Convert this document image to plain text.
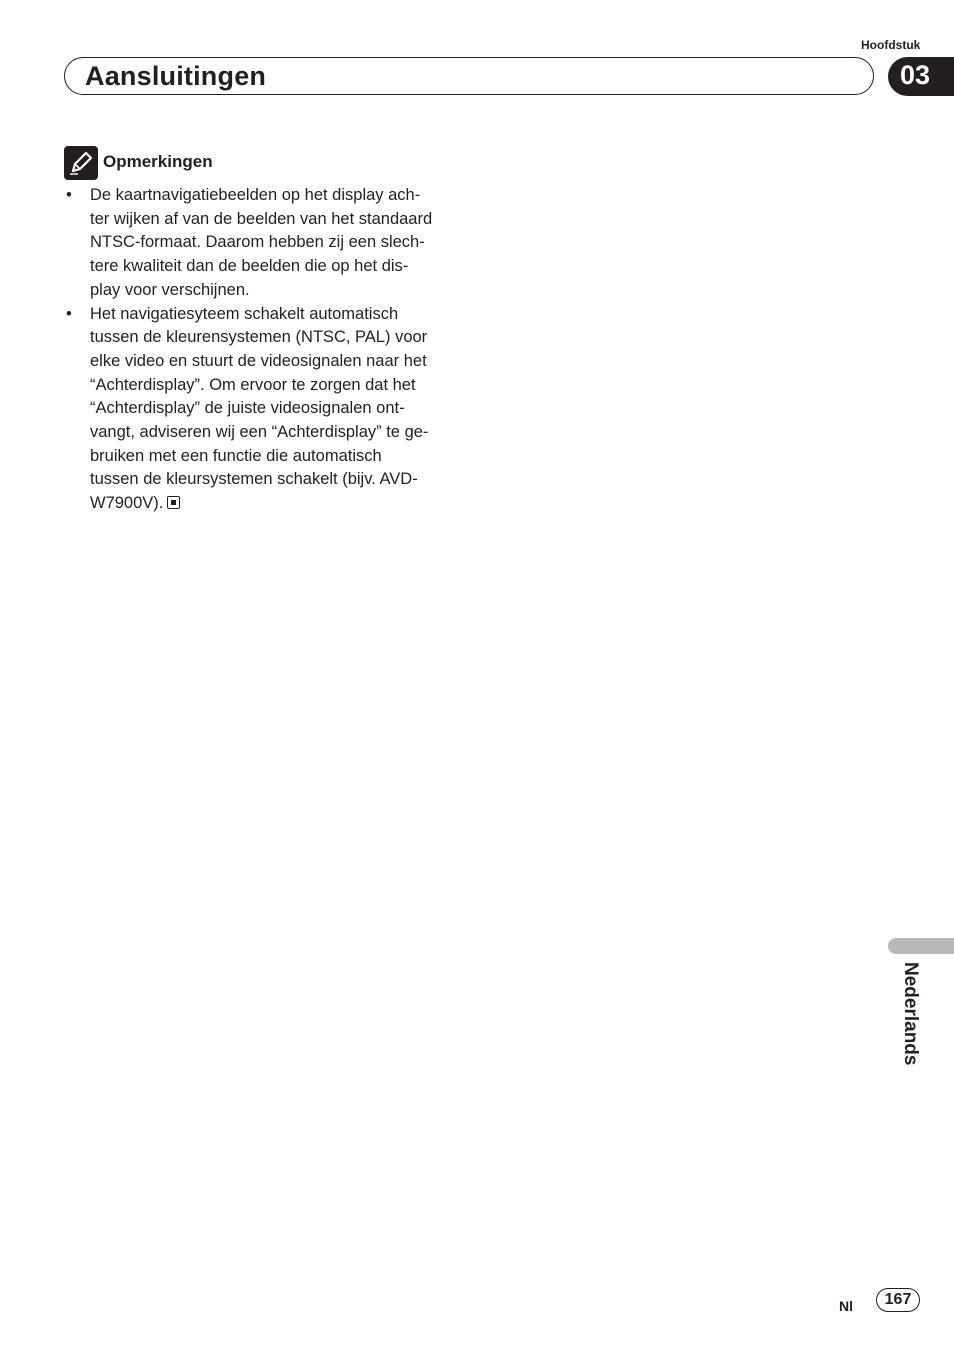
Hoofdstuk
Aansluitingen	03
Opmerkingen
• De kaartnavigatiebeelden op het display ach-
ter wijken af van de beelden van het standaard
NTSC-formaat. Daarom hebben zij een slech-
tere kwaliteit dan de beelden die op het dis-
play voor verschijnen.
• Het navigatiesyteem schakelt automatisch
tussen de kleurensystemen (NTSC, PAL) voor
elke video en stuurt de videosignalen naar het
“Achterdisplay”. Om ervoor te zorgen dat het
“Achterdisplay” de juiste videosignalen ont-
vangt, adviseren wij een “Achterdisplay” te ge-
bruiken met een functie die automatisch
tussen de kleursystemen schakelt (bijv. AVD-
W7900V).
Nederlands
Nl	167
